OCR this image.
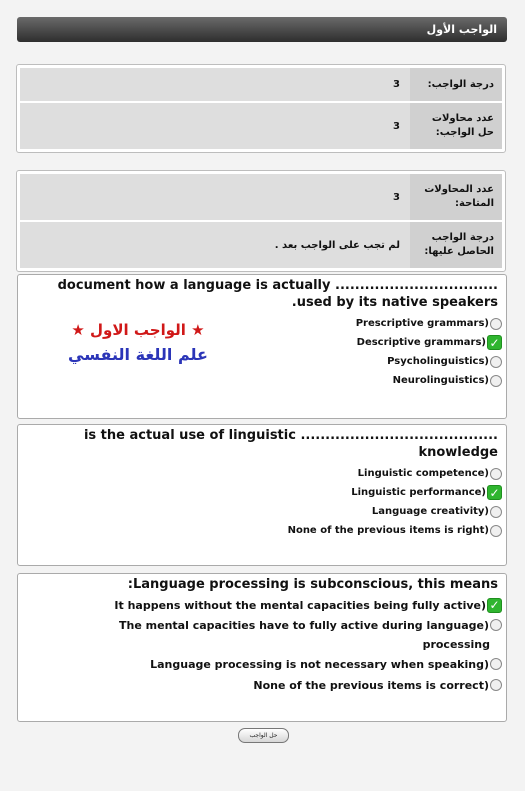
الواجب الأول
درجة الواجب:
3
عدد محاولات حل الواجب:
3
عدد المحاولات المتاحة:
3
درجة الواجب الحاصل عليها:
لم تجب على الواجب بعد .
document how a language is actually .................................
.used by its native speakers
Prescriptive grammars)
Descriptive grammars) ✓
Psycholinguistics)
Neurolinguistics)
★ الواجب الاول ★
علم اللغة النفسي
is the actual use of linguistic ........................................
knowledge
Linguistic competence)
Linguistic performance) ✓
Language creativity)
None of the previous items is right)
:Language processing is subconscious, this means
It happens without the mental capacities being fully active) ✓
The mental capacities have to fully active during language)
processing
Language processing is not necessary when speaking)
None of the previous items is correct)
حل الواجب
